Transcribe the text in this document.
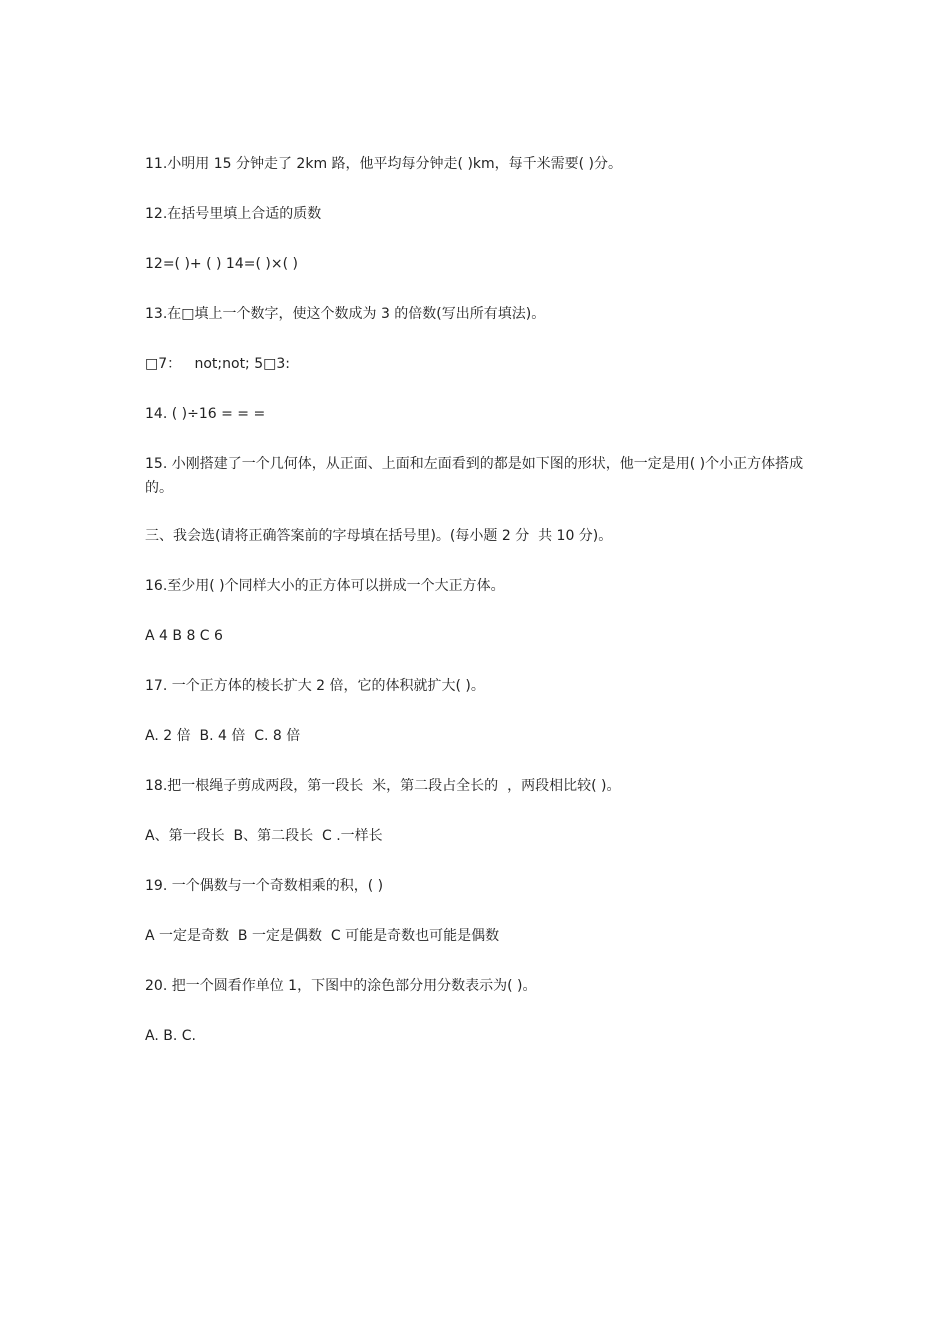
11.小明用 15 分钟走了 2km 路，他平均每分钟走( )km，每千米需要( )分。

12.在括号里填上合适的质数

12=( )+ ( ) 14=( )×( )

13.在□填上一个数字，使这个数成为 3 的倍数(写出所有填法)。

□7：   not;not; 5□3:

14. ( )÷16 = = =

15. 小刚搭建了一个几何体，从正面、上面和左面看到的都是如下图的形状，他一定是用( )个小正方体搭成的。

三、我会选(请将正确答案前的字母填在括号里)。(每小题 2 分  共 10 分)。

16.至少用( )个同样大小的正方体可以拼成一个大正方体。

A 4 B 8 C 6

17. 一个正方体的棱长扩大 2 倍，它的体积就扩大( )。

A. 2 倍  B. 4 倍  C. 8 倍

18.把一根绳子剪成两段，第一段长  米，第二段占全长的  ，两段相比较( )。

A、第一段长  B、第二段长  C .一样长

19. 一个偶数与一个奇数相乘的积，( )

A 一定是奇数  B 一定是偶数  C 可能是奇数也可能是偶数

20. 把一个圆看作单位 1，下图中的涂色部分用分数表示为( )。

A. B. C.
